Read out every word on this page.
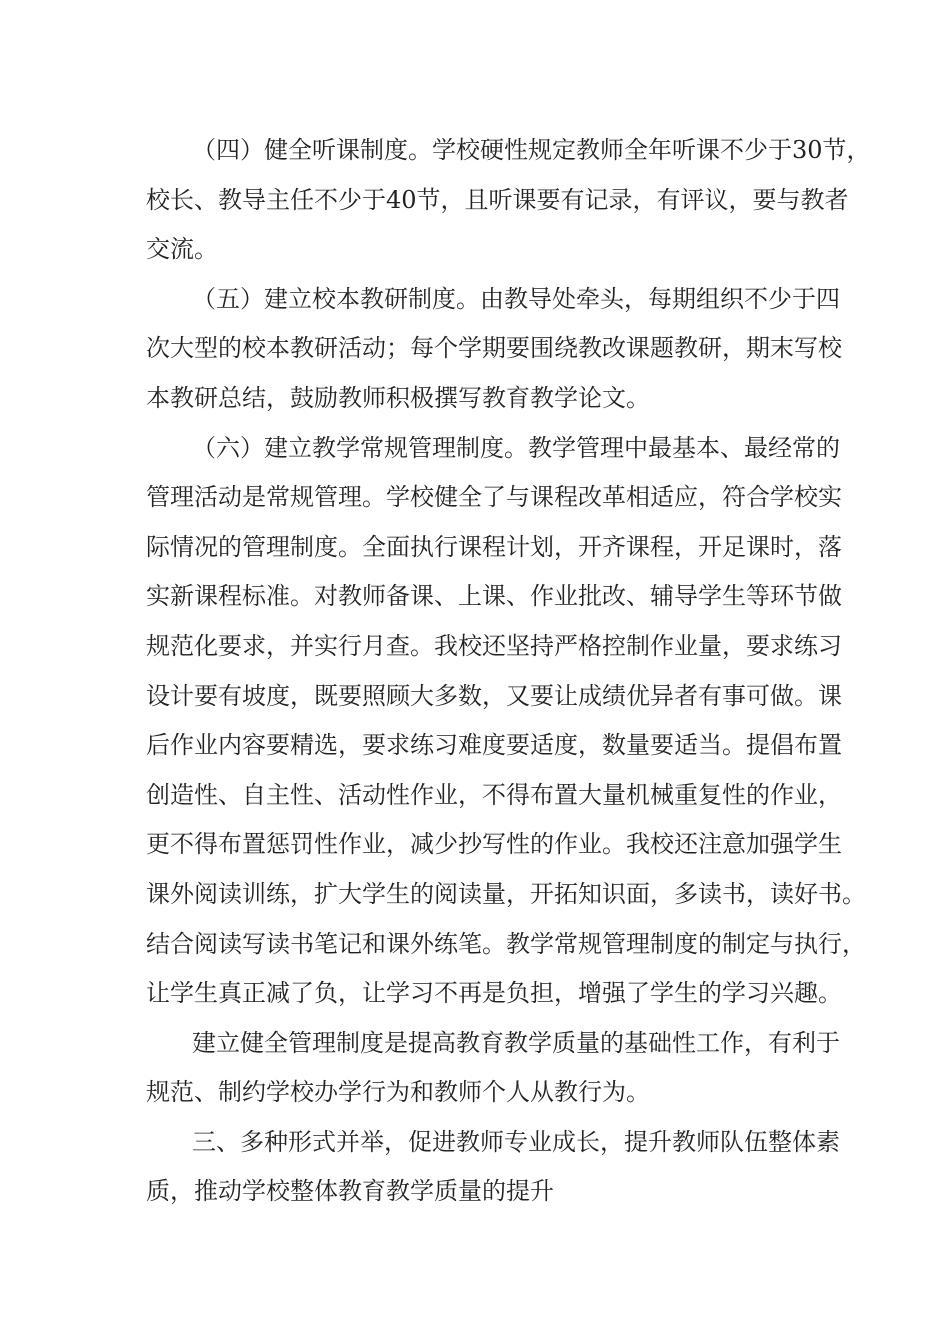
（四）健全听课制度。学校硬性规定教师全年听课不少于30节，
校长、教导主任不少于40节，且听课要有记录，有评议，要与教者
交流。
（五）建立校本教研制度。由教导处牵头，每期组织不少于四
次大型的校本教研活动；每个学期要围绕教改课题教研，期末写校
本教研总结，鼓励教师积极撰写教育教学论文。
（六）建立教学常规管理制度。教学管理中最基本、最经常的
管理活动是常规管理。学校健全了与课程改革相适应，符合学校实
际情况的管理制度。全面执行课程计划，开齐课程，开足课时，落
实新课程标准。对教师备课、上课、作业批改、辅导学生等环节做
规范化要求，并实行月查。我校还坚持严格控制作业量，要求练习
设计要有坡度，既要照顾大多数，又要让成绩优异者有事可做。课
后作业内容要精选，要求练习难度要适度，数量要适当。提倡布置
创造性、自主性、活动性作业，不得布置大量机械重复性的作业，
更不得布置惩罚性作业，减少抄写性的作业。我校还注意加强学生
课外阅读训练，扩大学生的阅读量，开拓知识面，多读书，读好书。
结合阅读写读书笔记和课外练笔。教学常规管理制度的制定与执行，
让学生真正减了负，让学习不再是负担，增强了学生的学习兴趣。
建立健全管理制度是提高教育教学质量的基础性工作，有利于
规范、制约学校办学行为和教师个人从教行为。
三、多种形式并举，促进教师专业成长，提升教师队伍整体素
质，推动学校整体教育教学质量的提升
